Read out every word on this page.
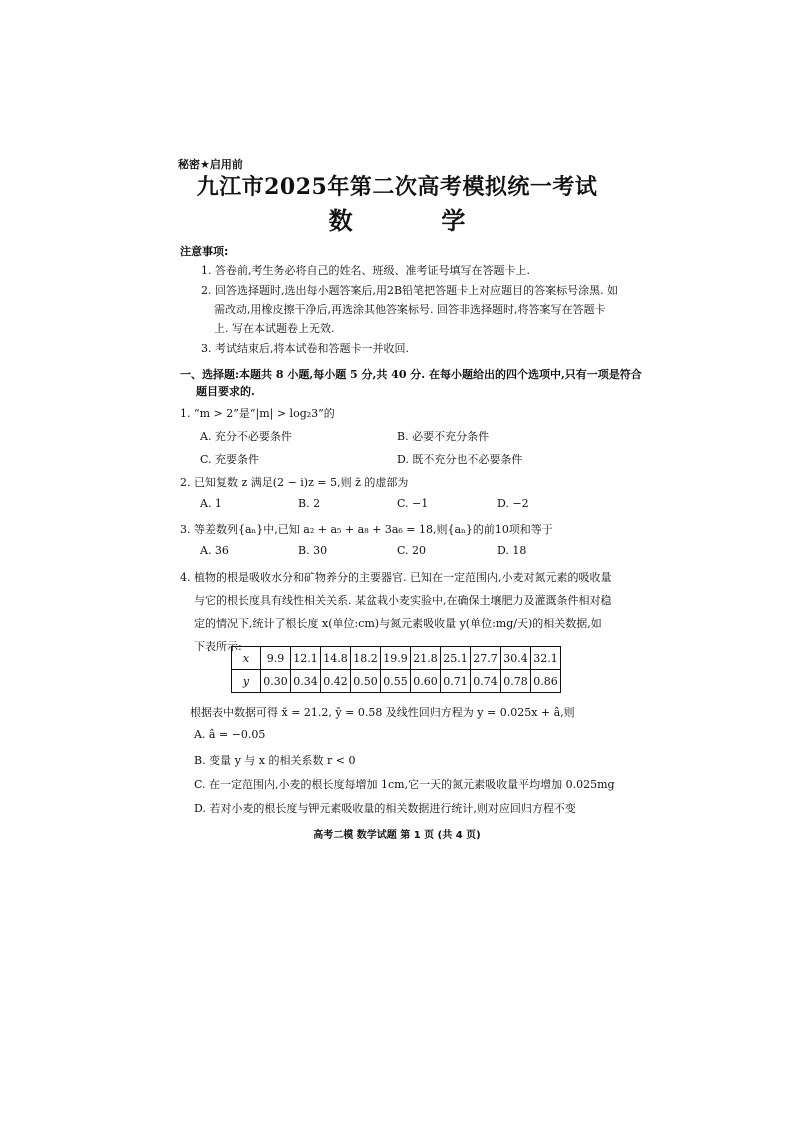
秘密★启用前
九江市2025年第二次高考模拟统一考试
数	学
注意事项:
1. 答卷前,考生务必将自己的姓名、班级、准考证号填写在答题卡上.
2. 回答选择题时,选出每小题答案后,用2B铅笔把答题卡上对应题目的答案标号涂黑. 如
需改动,用橡皮擦干净后,再选涂其他答案标号. 回答非选择题时,将答案写在答题卡
上. 写在本试题卷上无效.
3. 考试结束后,将本试卷和答题卡一并收回.
一、选择题:本题共 8 小题,每小题 5 分,共 40 分. 在每小题给出的四个选项中,只有一项是符合
题目要求的.
1. “m > 2”是“|m| > log₂3”的
A. 充分不必要条件	B. 必要不充分条件
C. 充要条件	D. 既不充分也不必要条件
2. 已知复数 z 满足(2 − i)z = 5,则 z̄ 的虚部为
A. 1	B. 2	C. −1	D. −2
3. 等差数列{aₙ}中,已知 a₂ + a₅ + a₈ + 3a₆ = 18,则{aₙ}的前10项和等于
A. 36	B. 30	C. 20	D. 18
4. 植物的根是吸收水分和矿物养分的主要器官. 已知在一定范围内,小麦对氮元素的吸收量
与它的根长度具有线性相关关系. 某盆栽小麦实验中,在确保土壤肥力及灌溉条件相对稳
定的情况下,统计了根长度 x(单位:cm)与氮元素吸收量 y(单位:mg/天)的相关数据,如
下表所示:
x	9.9	12.1	14.8	18.2	19.9	21.8	25.1	27.7	30.4	32.1
y	0.30	0.34	0.42	0.50	0.55	0.60	0.71	0.74	0.78	0.86
根据表中数据可得 x̄ = 21.2, ȳ = 0.58 及线性回归方程为 y = 0.025x + â,则
A. â = −0.05
B. 变量 y 与 x 的相关系数 r < 0
C. 在一定范围内,小麦的根长度每增加 1cm,它一天的氮元素吸收量平均增加 0.025mg
D. 若对小麦的根长度与钾元素吸收量的相关数据进行统计,则对应回归方程不变
高考二模 数学试题 第 1 页 (共 4 页)
